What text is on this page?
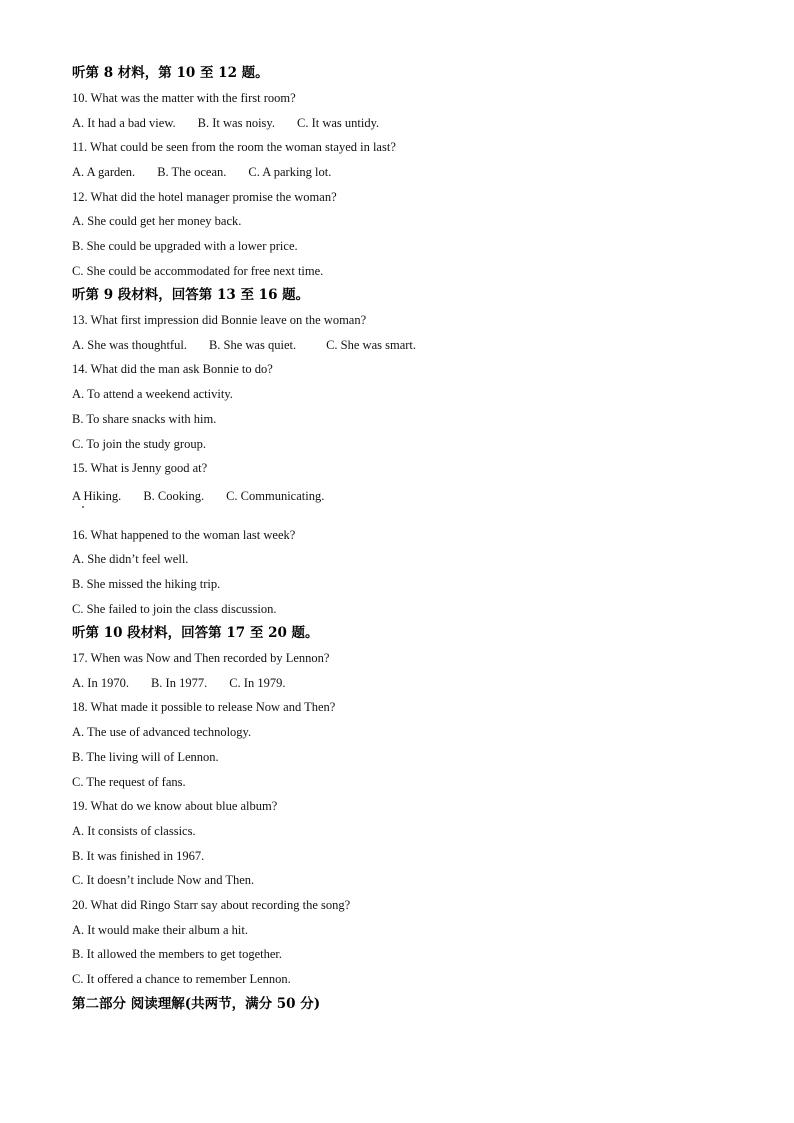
听第 8 材料，第 10 至 12 题。
10. What was the matter with the first room?
A. It had a bad view. B. It was noisy. C. It was untidy.
11. What could be seen from the room the woman stayed in last?
A. A garden. B. The ocean. C. A parking lot.
12. What did the hotel manager promise the woman?
A. She could get her money back.
B. She could be upgraded with a lower price.
C. She could be accommodated for free next time.
听第 9 段材料，回答第 13 至 16 题。
13. What first impression did Bonnie leave on the woman?
A. She was thoughtful. B. She was quiet. C. She was smart.
14. What did the man ask Bonnie to do?
A. To attend a weekend activity.
B. To share snacks with him.
C. To join the study group.
15. What is Jenny good at?
A Hiking. B. Cooking. C. Communicating.
16. What happened to the woman last week?
A. She didn’t feel well.
B. She missed the hiking trip.
C. She failed to join the class discussion.
听第 10 段材料，回答第 17 至 20 题。
17. When was Now and Then recorded by Lennon?
A. In 1970. B. In 1977. C. In 1979.
18. What made it possible to release Now and Then?
A. The use of advanced technology.
B. The living will of Lennon.
C. The request of fans.
19. What do we know about blue album?
A. It consists of classics.
B. It was finished in 1967.
C. It doesn’t include Now and Then.
20. What did Ringo Starr say about recording the song?
A. It would make their album a hit.
B. It allowed the members to get together.
C. It offered a chance to remember Lennon.
第二部分 阅读理解(共两节，满分 50 分)
